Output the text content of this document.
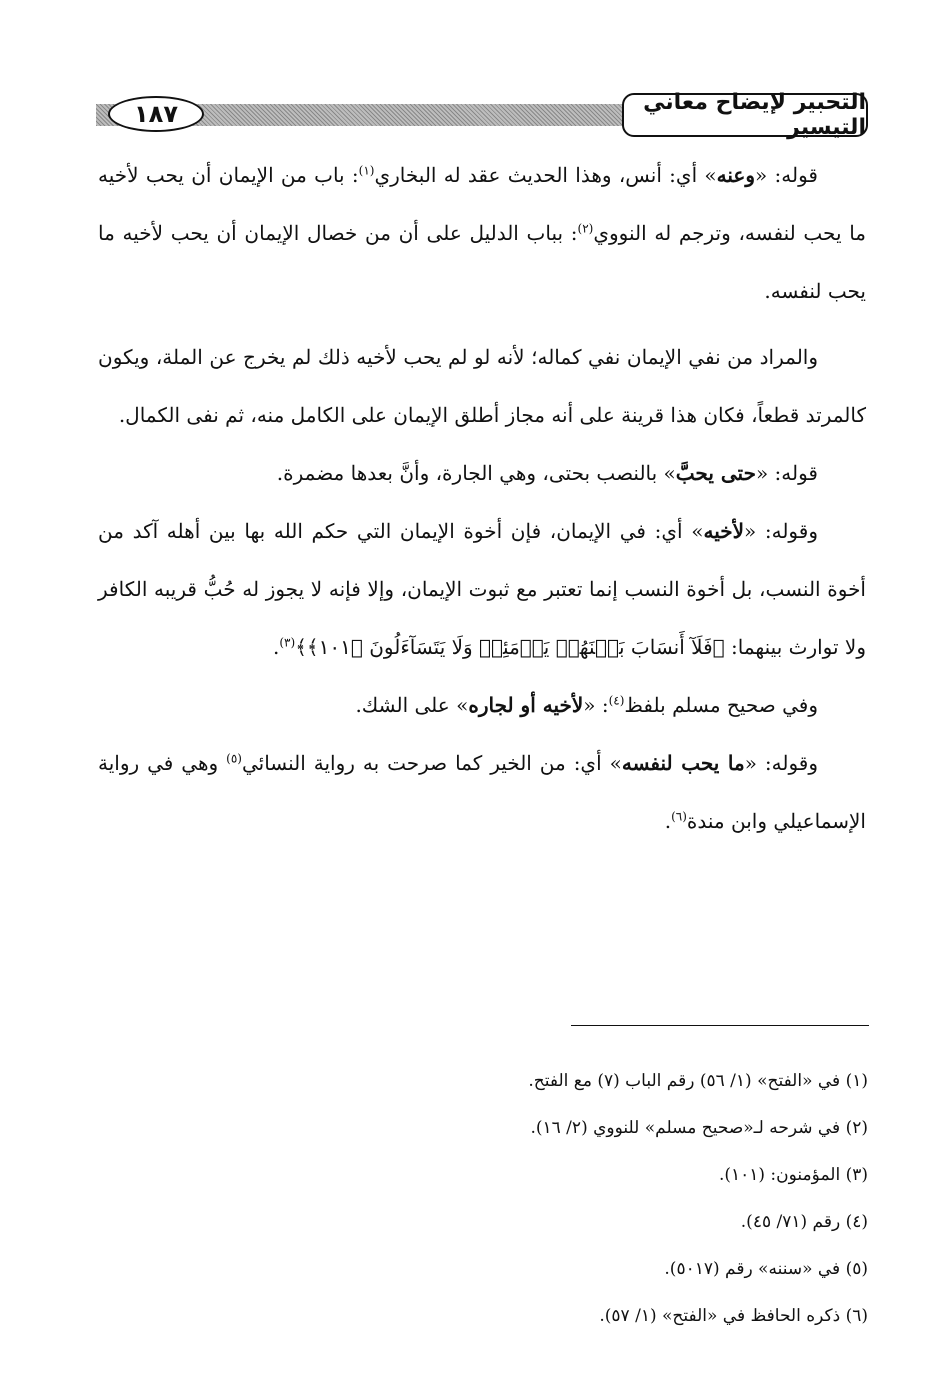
١٨٧	التحبير لإيضاح معاني التيسير

قوله: «وعنه» أي: أنس، وهذا الحديث عقد له البخاري$^{(١)}$: باب من الإيمان أن يحب لأخيه ما يحب لنفسه، وترجم له النووي$^{(٢)}$: بباب الدليل على أن من خصال الإيمان أن يحب لأخيه ما يحب لنفسه.

والمراد من نفي الإيمان نفي كماله؛ لأنه لو لم يحب لأخيه ذلك لم يخرج عن الملة، ويكون كالمرتد قطعاً، فكان هذا قرينة على أنه مجاز أطلق الإيمان على الكامل منه، ثم نفى الكمال.

قوله: «حتى يحبَّ» بالنصب بحتى، وهي الجارة، وأنَّ بعدها مضمرة.

وقوله: «لأخيه» أي: في الإيمان، فإن أخوة الإيمان التي حكم الله بها بين أهله آكد من أخوة النسب، بل أخوة النسب إنما تعتبر مع ثبوت الإيمان، وإلا فإنه لا يجوز له حُبُّ قريبه الكافر ولا توارث بينهما: ﴿فَلَآ أَنسَابَ بَيۡنَهُمۡ يَوۡمَئِذٖ وَلَا يَتَسَآءَلُونَ ﴿١٠١﴾﴾$^{(٣)}$.

وفي صحيح مسلم بلفظ$^{(٤)}$: «لأخيه أو لجاره» على الشك.

وقوله: «ما يحب لنفسه» أي: من الخير كما صرحت به رواية النسائي$^{(٥)}$ وهي في رواية الإسماعيلي وابن مندة$^{(٦)}$.

(١) في «الفتح» (١/ ٥٦) رقم الباب (٧) مع الفتح.
(٢) في شرحه لـ«صحيح مسلم» للنووي (٢/ ١٦).
(٣) المؤمنون: (١٠١).
(٤) رقم (٧١/ ٤٥).
(٥) في «سننه» رقم (٥٠١٧).
(٦) ذكره الحافظ في «الفتح» (١/ ٥٧).
